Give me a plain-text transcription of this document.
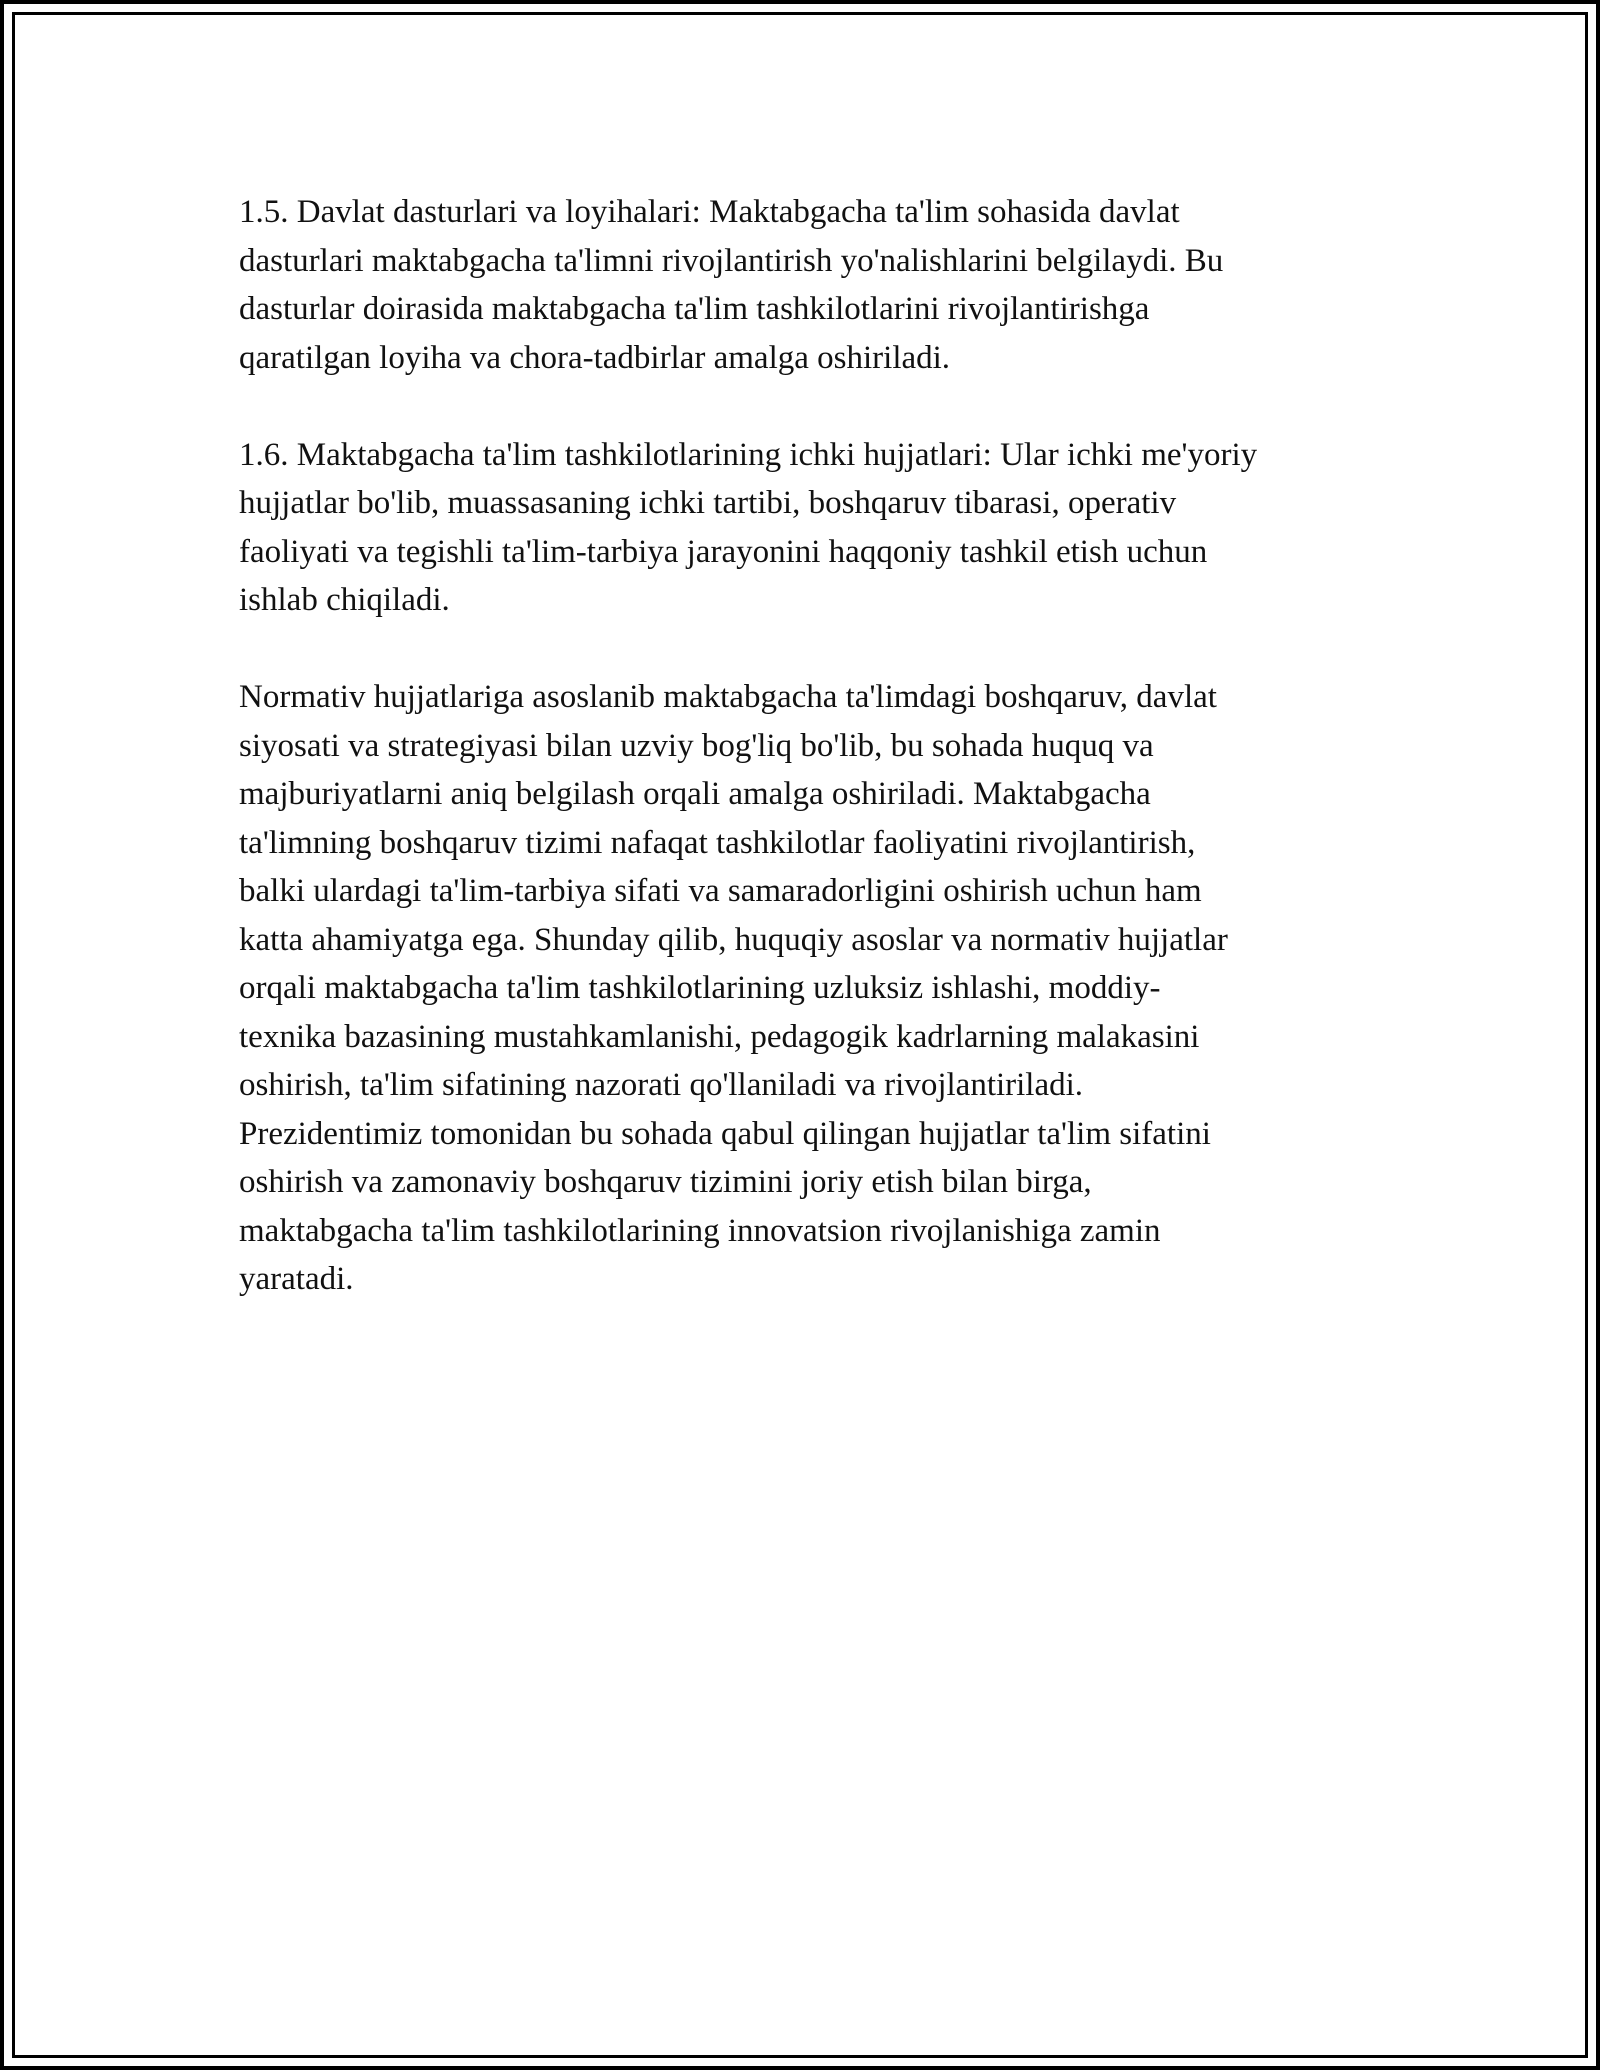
1.5. Davlat dasturlari va loyihalari: Maktabgacha ta'lim sohasida davlat
dasturlari maktabgacha ta'limni rivojlantirish yo'nalishlarini belgilaydi. Bu
dasturlar doirasida maktabgacha ta'lim tashkilotlarini rivojlantirishga
qaratilgan loyiha va chora-tadbirlar amalga oshiriladi.

1.6. Maktabgacha ta'lim tashkilotlarining ichki hujjatlari: Ular ichki me'yoriy
hujjatlar bo'lib, muassasaning ichki tartibi, boshqaruv tibarasi, operativ
faoliyati va tegishli ta'lim-tarbiya jarayonini haqqoniy tashkil etish uchun
ishlab chiqiladi.

Normativ hujjatlariga asoslanib maktabgacha ta'limdagi boshqaruv, davlat
siyosati va strategiyasi bilan uzviy bog'liq bo'lib, bu sohada huquq va
majburiyatlarni aniq belgilash orqali amalga oshiriladi. Maktabgacha
ta'limning boshqaruv tizimi nafaqat tashkilotlar faoliyatini rivojlantirish,
balki ulardagi ta'lim-tarbiya sifati va samaradorligini oshirish uchun ham
katta ahamiyatga ega. Shunday qilib, huquqiy asoslar va normativ hujjatlar
orqali maktabgacha ta'lim tashkilotlarining uzluksiz ishlashi, moddiy-
texnika bazasining mustahkamlanishi, pedagogik kadrlarning malakasini
oshirish, ta'lim sifatining nazorati qo'llaniladi va rivojlantiriladi.
Prezidentimiz tomonidan bu sohada qabul qilingan hujjatlar ta'lim sifatini
oshirish va zamonaviy boshqaruv tizimini joriy etish bilan birga,
maktabgacha ta'lim tashkilotlarining innovatsion rivojlanishiga zamin
yaratadi.
